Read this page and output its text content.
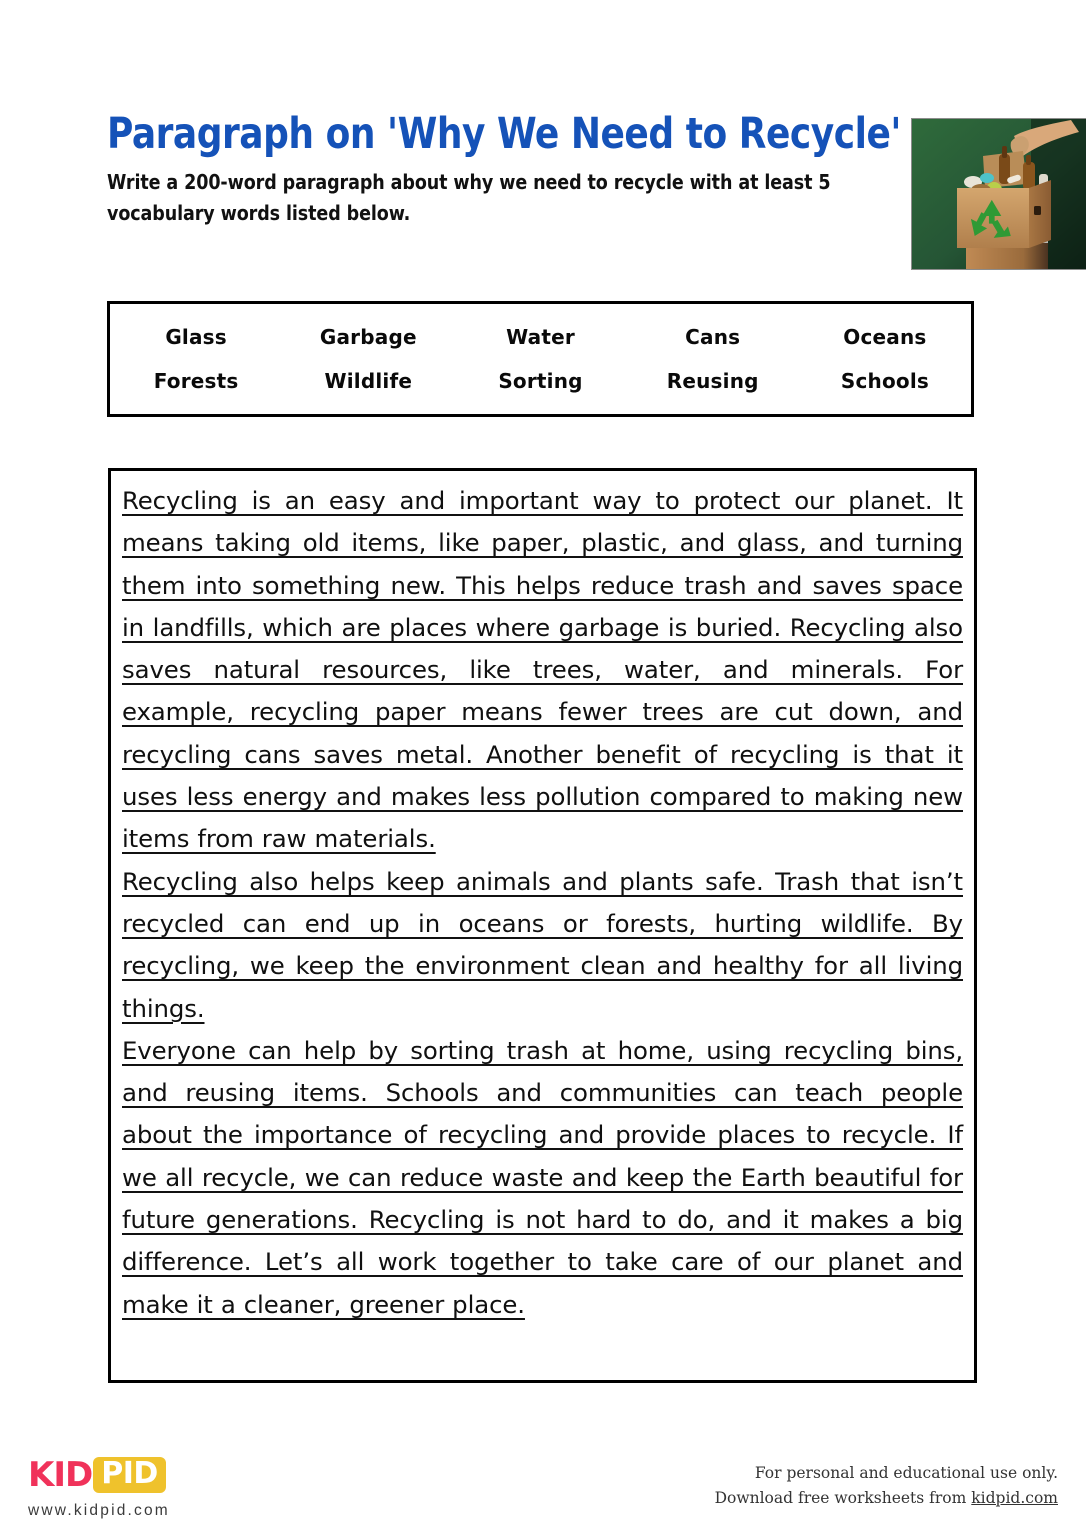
Paragraph on 'Why We Need to Recycle'

Write a 200-word paragraph about why we need to recycle with at least 5 vocabulary words listed below.

Glass	Garbage	Water	Cans	Oceans
Forests	Wildlife	Sorting	Reusing	Schools

Recycling is an easy and important way to protect our planet. It means taking old items, like paper, plastic, and glass, and turning them into something new. This helps reduce trash and saves space in landfills, which are places where garbage is buried. Recycling also saves natural resources, like trees, water, and minerals. For example, recycling paper means fewer trees are cut down, and recycling cans saves metal. Another benefit of recycling is that it uses less energy and makes less pollution compared to making new items from raw materials.

Recycling also helps keep animals and plants safe. Trash that isn’t recycled can end up in oceans or forests, hurting wildlife. By recycling, we keep the environment clean and healthy for all living things.

Everyone can help by sorting trash at home, using recycling bins, and reusing items. Schools and communities can teach people about the importance of recycling and provide places to recycle. If we all recycle, we can reduce waste and keep the Earth beautiful for future generations. Recycling is not hard to do, and it makes a big difference. Let’s all work together to take care of our planet and make it a cleaner, greener place.

KID PID
www.kidpid.com
For personal and educational use only.
Download free worksheets from kidpid.com
